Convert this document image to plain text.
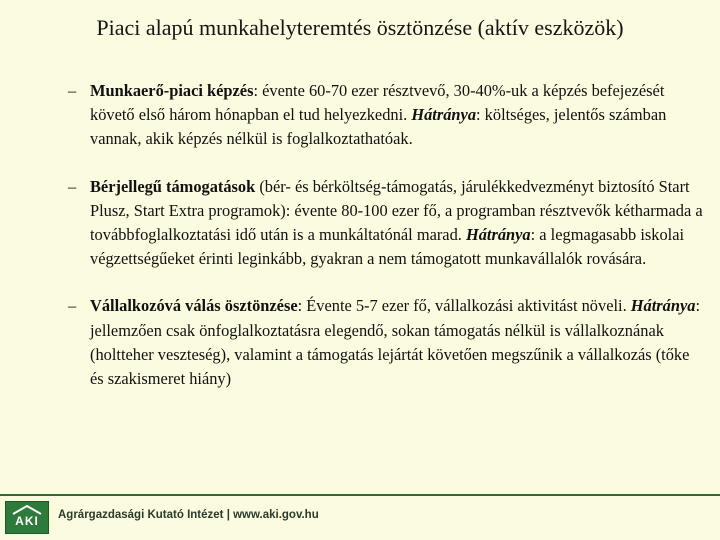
Piaci alapú munkahelyteremtés ösztönzése (aktív eszközök)
– Munkaerő-piaci képzés: évente 60-70 ezer résztvevő, 30-40%-uk a képzés befejezését követő első három hónapban el tud helyezkedni. Hátránya: költséges, jelentős számban vannak, akik képzés nélkül is foglalkoztathatóak.
– Bérjellegű támogatások (bér- és bérköltség-támogatás, járulékkedvezményt biztosító Start Plusz, Start Extra programok): évente 80-100 ezer fő, a programban résztvevők kétharmada a továbbfoglalkoztatási idő után is a munkáltatónál marad. Hátránya: a legmagasabb iskolai végzettségűeket érinti leginkább, gyakran a nem támogatott munkavállalók rovására.
– Vállalkozóvá válás ösztönzése: Évente 5-7 ezer fő, vállalkozási aktivitást növeli. Hátránya: jellemzően csak önfoglalkoztatásra elegendő, sokan támogatás nélkül is vállalkoznának (holtteher veszteség), valamint a támogatás lejártát követően megszűnik a vállalkozás (tőke és szakismeret hiány)
AKI	Agrárgazdasági Kutató Intézet | www.aki.gov.hu
